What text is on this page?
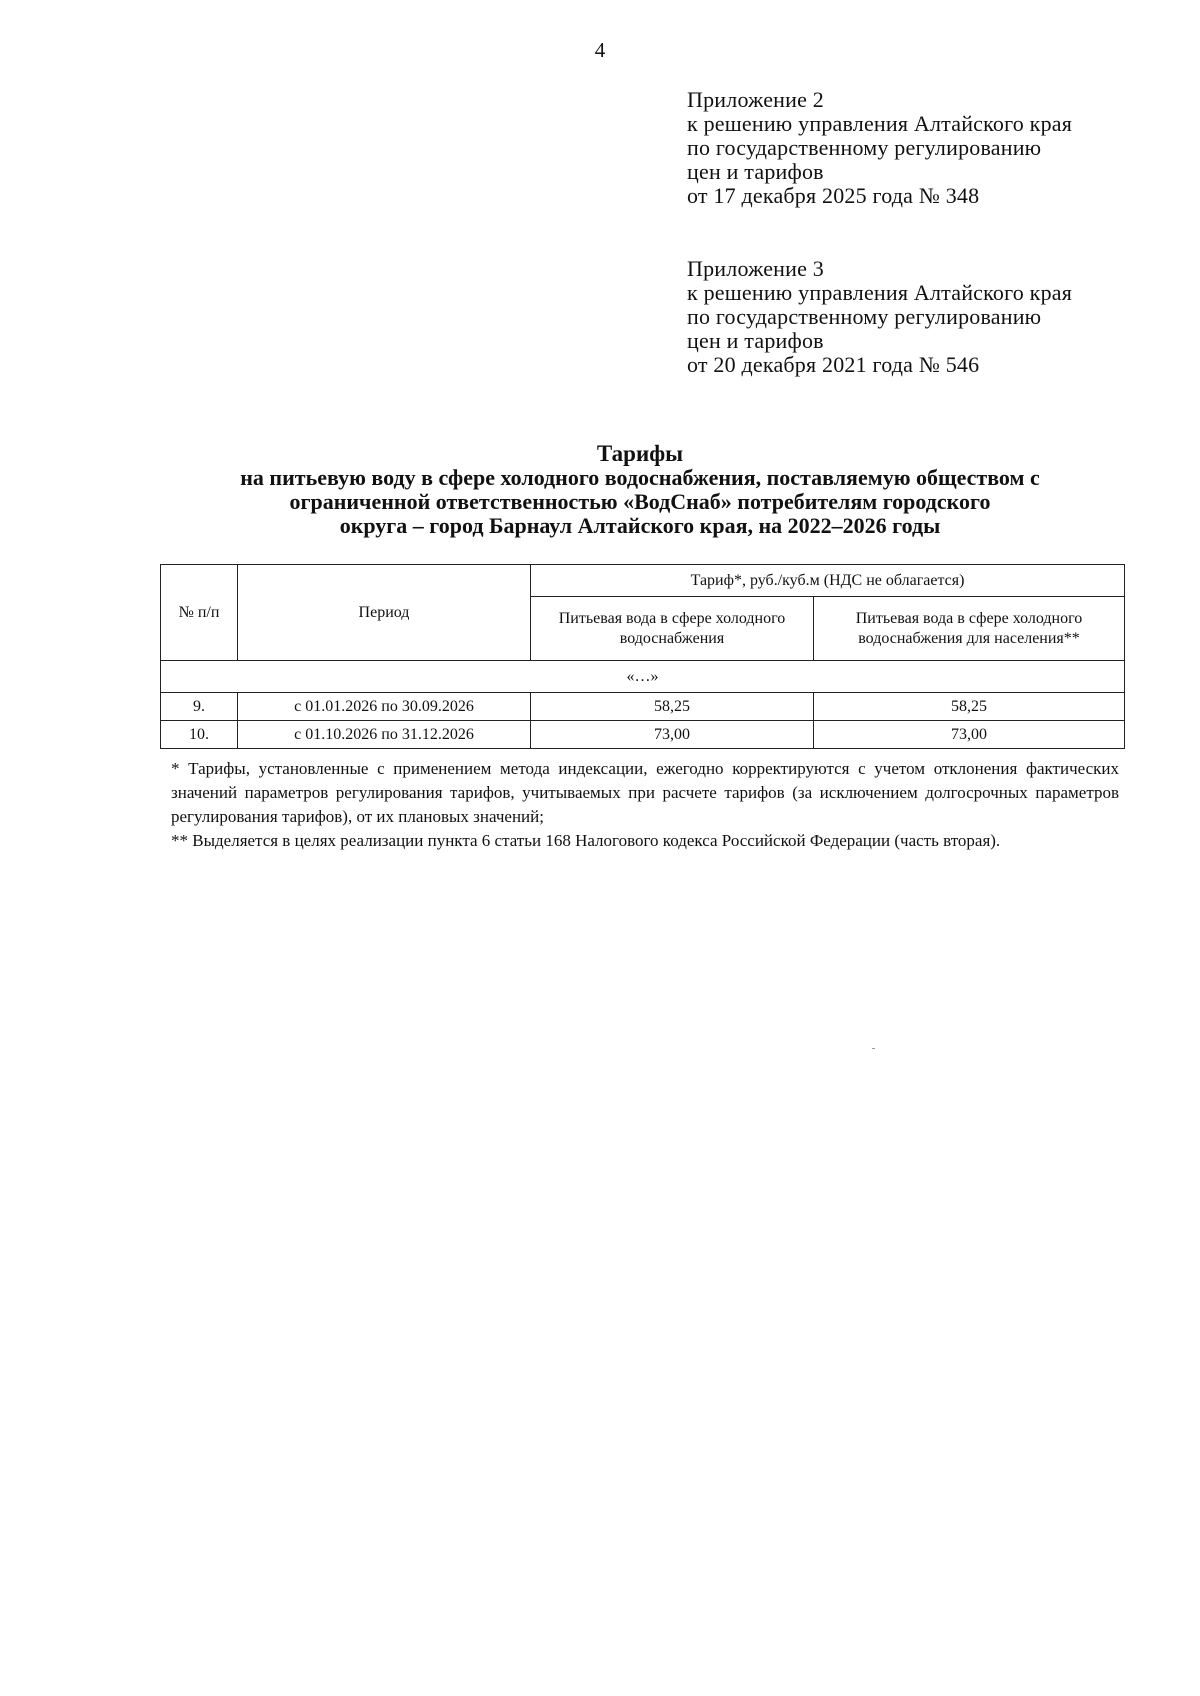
4
Приложение 2
к решению управления Алтайского края
по государственному регулированию
цен и тарифов
от 17 декабря 2025 года № 348
Приложение 3
к решению управления Алтайского края
по государственному регулированию
цен и тарифов
от 20 декабря 2021 года № 546
Тарифы
на питьевую воду в сфере холодного водоснабжения, поставляемую обществом с
ограниченной ответственностью «ВодСнаб» потребителям городского
округа – город Барнаул Алтайского края, на 2022–2026 годы
№ п/п	Период	Тариф*, руб./куб.м (НДС не облагается)	
		Питьевая вода в сфере холодного водоснабжения	Питьевая вода в сфере холодного водоснабжения для населения**
«…»			
9.	с 01.01.2026 по 30.09.2026	58,25	58,25
10.	с 01.10.2026 по 31.12.2026	73,00	73,00

* Тарифы, установленные с применением метода индексации, ежегодно корректируются с учетом отклонения фактических значений параметров регулирования тарифов, учитываемых при расчете тарифов (за исключением долгосрочных параметров регулирования тарифов), от их плановых значений;

** Выделяется в целях реализации пункта 6 статьи 168 Налогового кодекса Российской Федерации (часть вторая).
